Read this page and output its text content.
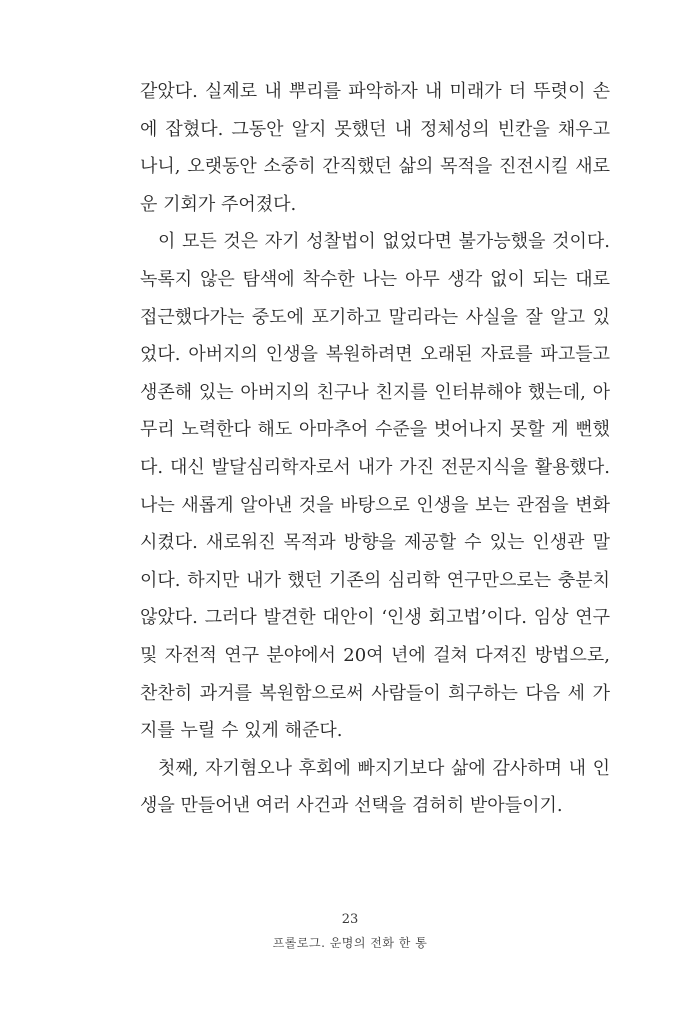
같았다. 실제로 내 뿌리를 파악하자 내 미래가 더 뚜렷이 손
에 잡혔다. 그동안 알지 못했던 내 정체성의 빈칸을 채우고
나니, 오랫동안 소중히 간직했던 삶의 목적을 진전시킬 새로
운 기회가 주어졌다.
이 모든 것은 자기 성찰법이 없었다면 불가능했을 것이다.
녹록지 않은 탐색에 착수한 나는 아무 생각 없이 되는 대로
접근했다가는 중도에 포기하고 말리라는 사실을 잘 알고 있
었다. 아버지의 인생을 복원하려면 오래된 자료를 파고들고
생존해 있는 아버지의 친구나 친지를 인터뷰해야 했는데, 아
무리 노력한다 해도 아마추어 수준을 벗어나지 못할 게 뻔했
다. 대신 발달심리학자로서 내가 가진 전문지식을 활용했다.
나는 새롭게 알아낸 것을 바탕으로 인생을 보는 관점을 변화
시켰다. 새로워진 목적과 방향을 제공할 수 있는 인생관 말
이다. 하지만 내가 했던 기존의 심리학 연구만으로는 충분치
않았다. 그러다 발견한 대안이 ‘인생 회고법’이다. 임상 연구
및 자전적 연구 분야에서 20여 년에 걸쳐 다져진 방법으로,
찬찬히 과거를 복원함으로써 사람들이 희구하는 다음 세 가
지를 누릴 수 있게 해준다.
첫째, 자기혐오나 후회에 빠지기보다 삶에 감사하며 내 인
생을 만들어낸 여러 사건과 선택을 겸허히 받아들이기.
23
프롤로그. 운명의 전화 한 통
